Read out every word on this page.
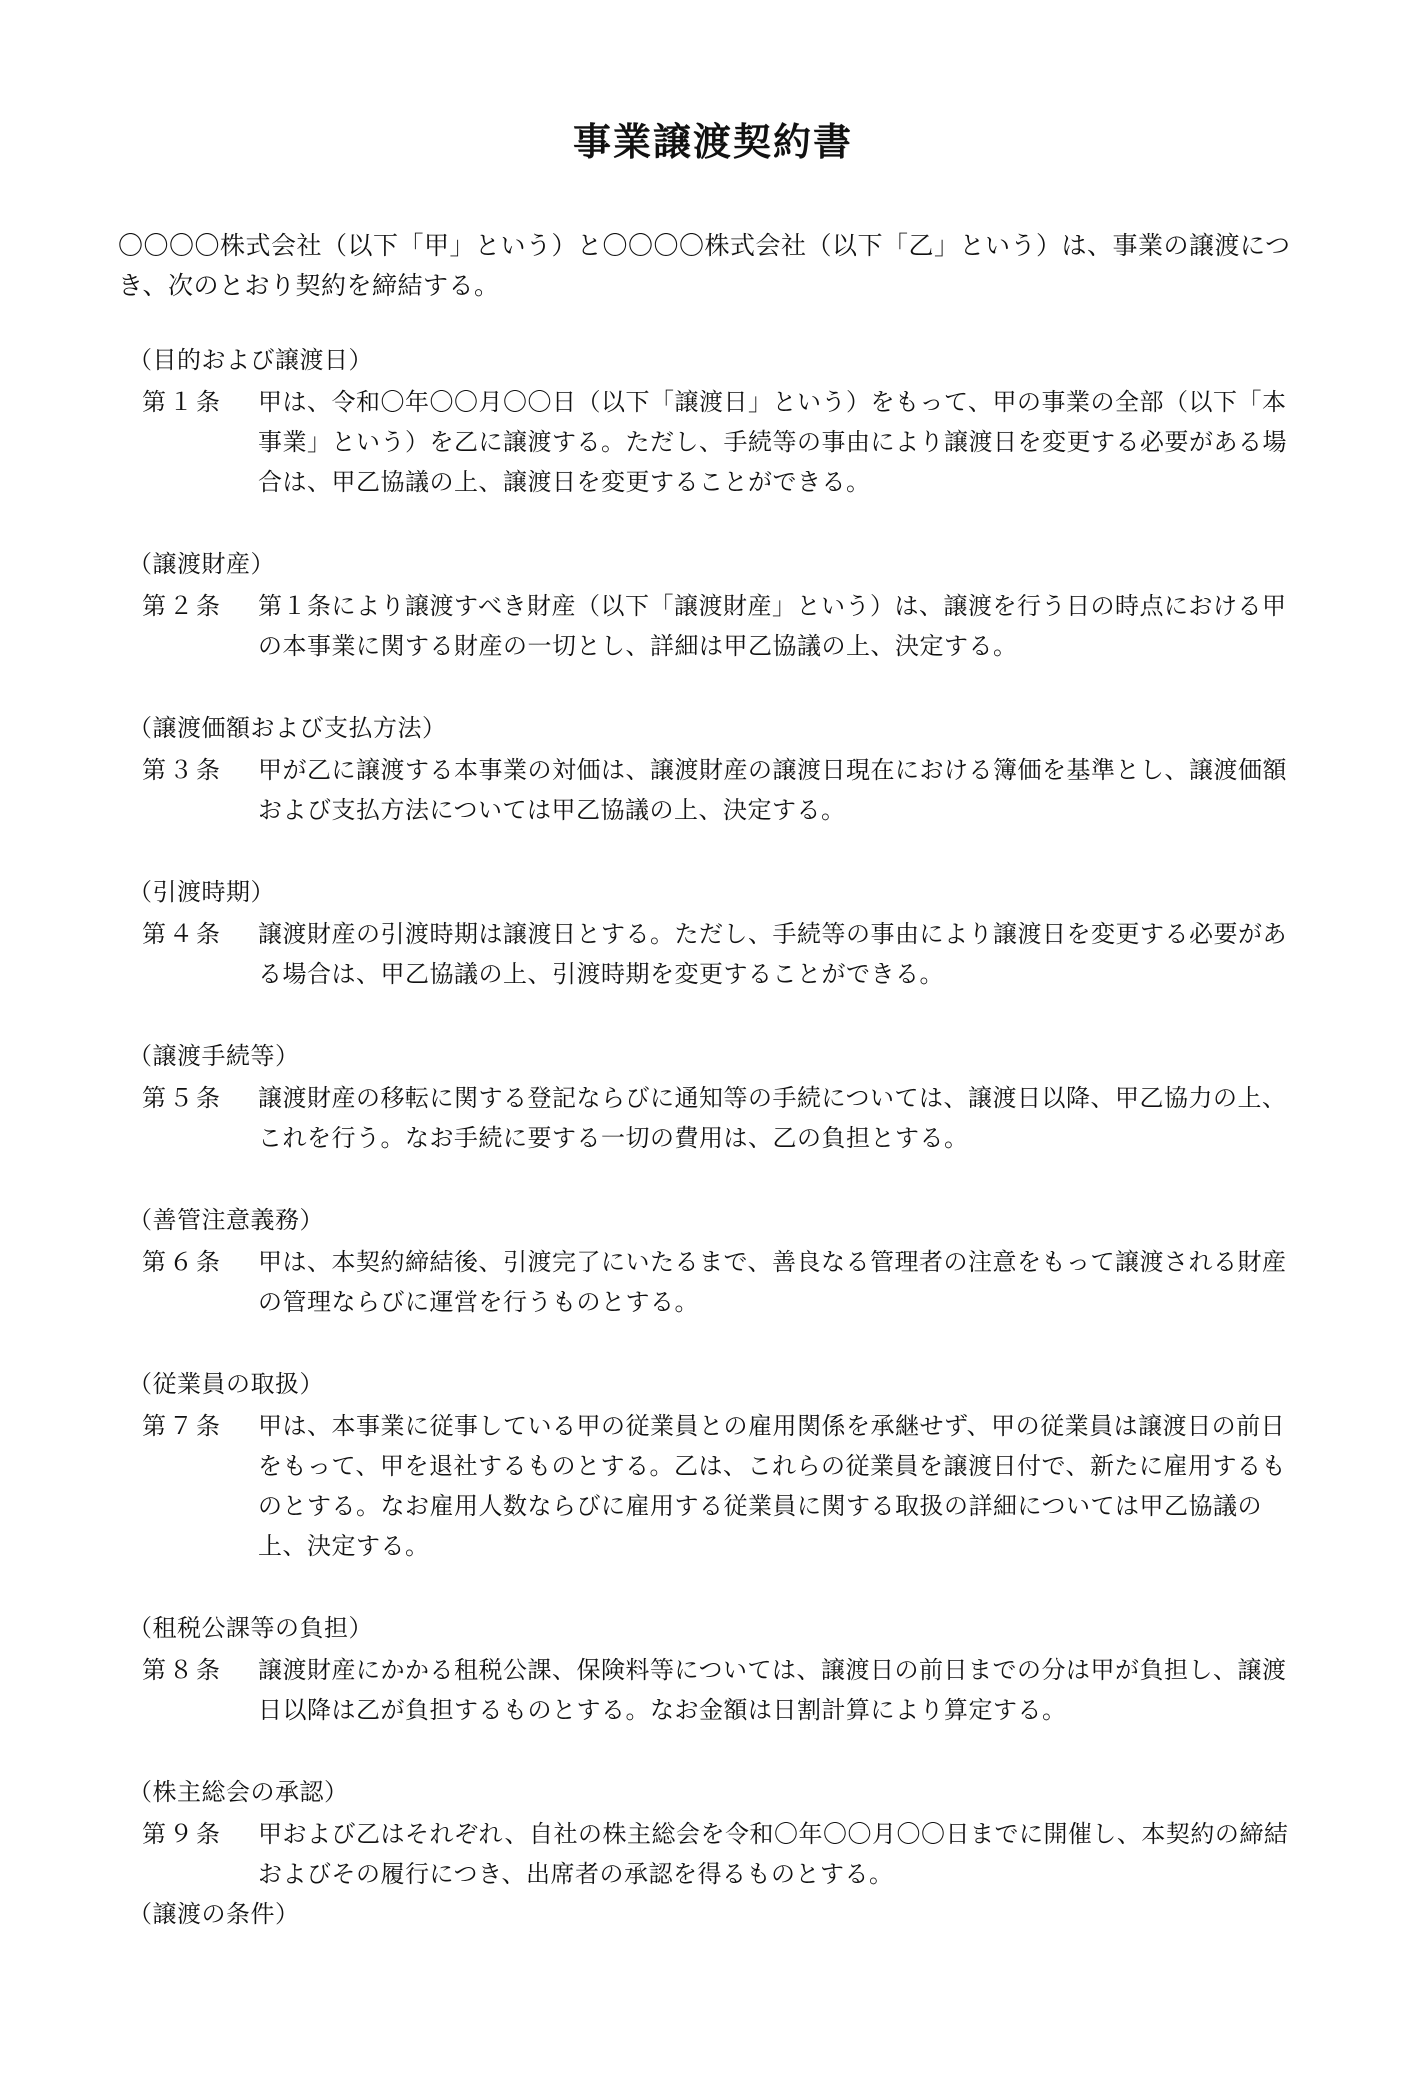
事業譲渡契約書

〇〇〇〇株式会社（以下「甲」という）と〇〇〇〇株式会社（以下「乙」という）は、事業の譲渡につき、次のとおり契約を締結する。

（目的および譲渡日）

第１条 甲は、令和〇年〇〇月〇〇日（以下「譲渡日」という）をもって、甲の事業の全部（以下「本事業」という）を乙に譲渡する。ただし、手続等の事由により譲渡日を変更する必要がある場合は、甲乙協議の上、譲渡日を変更することができる。

（譲渡財産）

第２条 第１条により譲渡すべき財産（以下「譲渡財産」という）は、譲渡を行う日の時点における甲の本事業に関する財産の一切とし、詳細は甲乙協議の上、決定する。

（譲渡価額および支払方法）

第３条 甲が乙に譲渡する本事業の対価は、譲渡財産の譲渡日現在における簿価を基準とし、譲渡価額および支払方法については甲乙協議の上、決定する。

（引渡時期）

第４条 譲渡財産の引渡時期は譲渡日とする。ただし、手続等の事由により譲渡日を変更する必要がある場合は、甲乙協議の上、引渡時期を変更することができる。

（譲渡手続等）

第５条 譲渡財産の移転に関する登記ならびに通知等の手続については、譲渡日以降、甲乙協力の上、これを行う。なお手続に要する一切の費用は、乙の負担とする。

（善管注意義務）

第６条 甲は、本契約締結後、引渡完了にいたるまで、善良なる管理者の注意をもって譲渡される財産の管理ならびに運営を行うものとする。

（従業員の取扱）

第７条 甲は、本事業に従事している甲の従業員との雇用関係を承継せず、甲の従業員は譲渡日の前日をもって、甲を退社するものとする。乙は、これらの従業員を譲渡日付で、新たに雇用するものとする。なお雇用人数ならびに雇用する従業員に関する取扱の詳細については甲乙協議の上、決定する。

（租税公課等の負担）

第８条 譲渡財産にかかる租税公課、保険料等については、譲渡日の前日までの分は甲が負担し、譲渡日以降は乙が負担するものとする。なお金額は日割計算により算定する。

（株主総会の承認）

第９条 甲および乙はそれぞれ、自社の株主総会を令和〇年〇〇月〇〇日までに開催し、本契約の締結およびその履行につき、出席者の承認を得るものとする。

（譲渡の条件）
